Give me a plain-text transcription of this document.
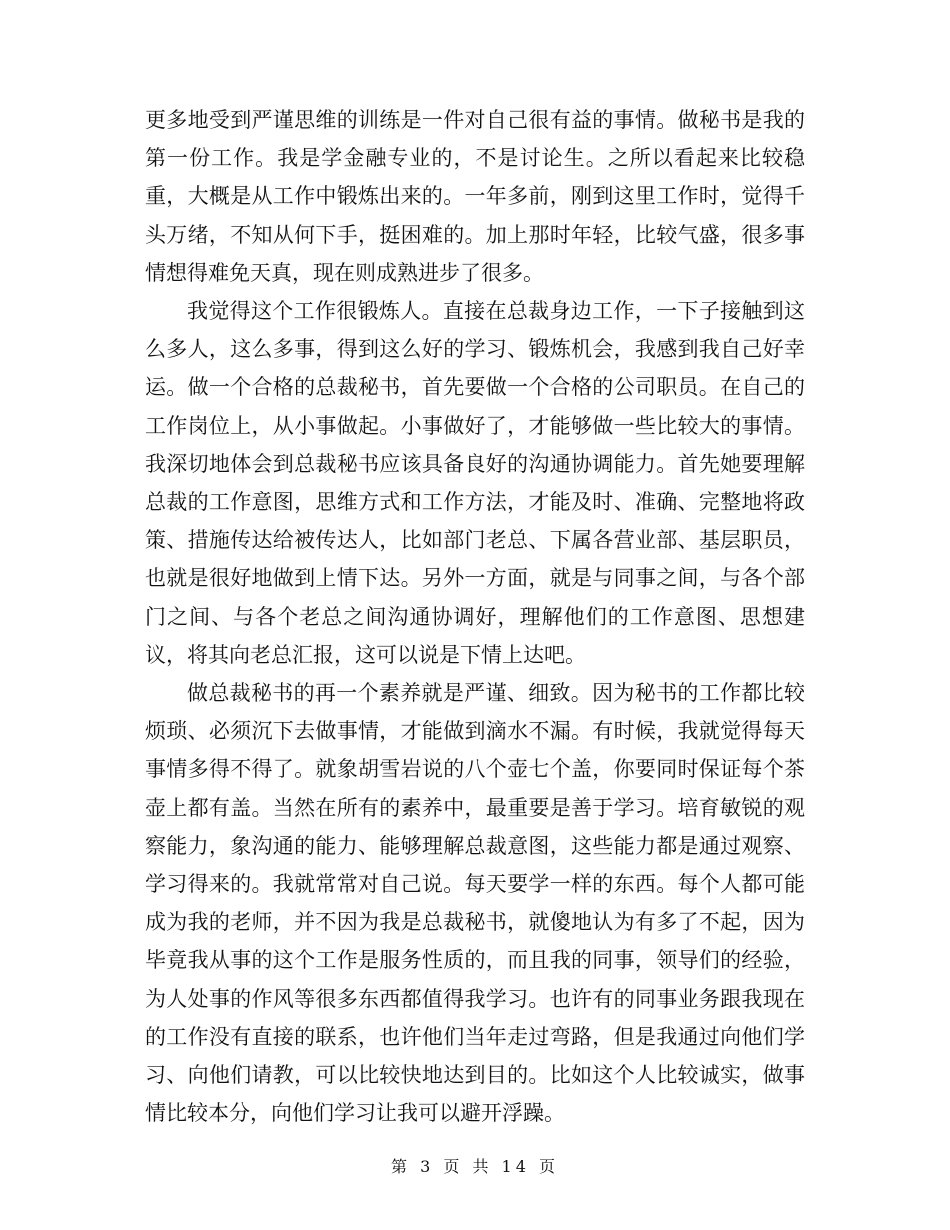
更多地受到严谨思维的训练是一件对自己很有益的事情。做秘书是我的第一份工作。我是学金融专业的，不是讨论生。之所以看起来比较稳重，大概是从工作中锻炼出来的。一年多前，刚到这里工作时，觉得千头万绪，不知从何下手，挺困难的。加上那时年轻，比较气盛，很多事情想得难免天真，现在则成熟进步了很多。

我觉得这个工作很锻炼人。直接在总裁身边工作，一下子接触到这么多人，这么多事，得到这么好的学习、锻炼机会，我感到我自己好幸运。做一个合格的总裁秘书，首先要做一个合格的公司职员。在自己的工作岗位上，从小事做起。小事做好了，才能够做一些比较大的事情。我深切地体会到总裁秘书应该具备良好的沟通协调能力。首先她要理解总裁的工作意图，思维方式和工作方法，才能及时、准确、完整地将政策、措施传达给被传达人，比如部门老总、下属各营业部、基层职员，也就是很好地做到上情下达。另外一方面，就是与同事之间，与各个部门之间、与各个老总之间沟通协调好，理解他们的工作意图、思想建议，将其向老总汇报，这可以说是下情上达吧。

做总裁秘书的再一个素养就是严谨、细致。因为秘书的工作都比较烦琐、必须沉下去做事情，才能做到滴水不漏。有时候，我就觉得每天事情多得不得了。就象胡雪岩说的八个壶七个盖，你要同时保证每个茶壶上都有盖。当然在所有的素养中，最重要是善于学习。培育敏锐的观察能力，象沟通的能力、能够理解总裁意图，这些能力都是通过观察、学习得来的。我就常常对自己说。每天要学一样的东西。每个人都可能成为我的老师，并不因为我是总裁秘书，就傻地认为有多了不起，因为毕竟我从事的这个工作是服务性质的，而且我的同事，领导们的经验，为人处事的作风等很多东西都值得我学习。也许有的同事业务跟我现在的工作没有直接的联系，也许他们当年走过弯路，但是我通过向他们学习、向他们请教，可以比较快地达到目的。比如这个人比较诚实，做事情比较本分，向他们学习让我可以避开浮躁。

第 3 页 共 14 页
